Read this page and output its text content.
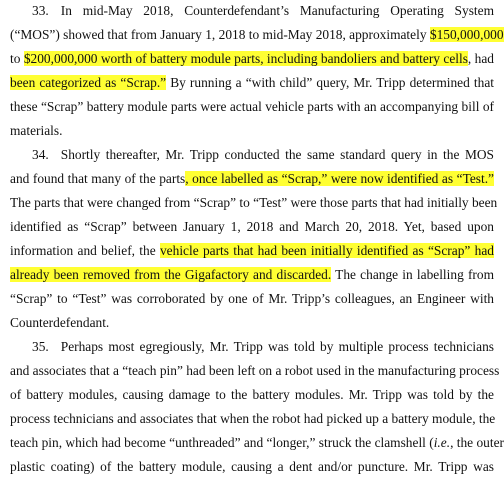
33. In mid-May 2018, Counterdefendant’s Manufacturing Operating System
(“MOS”) showed that from January 1, 2018 to mid-May 2018, approximately $150,000,000
to $200,000,000 worth of battery module parts, including bandoliers and battery cells, had
been categorized as “Scrap.” By running a “with child” query, Mr. Tripp determined that
these “Scrap” battery module parts were actual vehicle parts with an accompanying bill of
materials.
34. Shortly thereafter, Mr. Tripp conducted the same standard query in the MOS
and found that many of the parts, once labelled as “Scrap,” were now identified as “Test.”
The parts that were changed from “Scrap” to “Test” were those parts that had initially been
identified as “Scrap” between January 1, 2018 and March 20, 2018. Yet, based upon
information and belief, the vehicle parts that had been initially identified as “Scrap” had
already been removed from the Gigafactory and discarded. The change in labelling from
“Scrap” to “Test” was corroborated by one of Mr. Tripp’s colleagues, an Engineer with
Counterdefendant.
35. Perhaps most egregiously, Mr. Tripp was told by multiple process technicians
and associates that a “teach pin” had been left on a robot used in the manufacturing process
of battery modules, causing damage to the battery modules. Mr. Tripp was told by the
process technicians and associates that when the robot had picked up a battery module, the
teach pin, which had become “unthreaded” and “longer,” struck the clamshell (i.e., the outer
plastic coating) of the battery module, causing a dent and/or puncture. Mr. Tripp was
